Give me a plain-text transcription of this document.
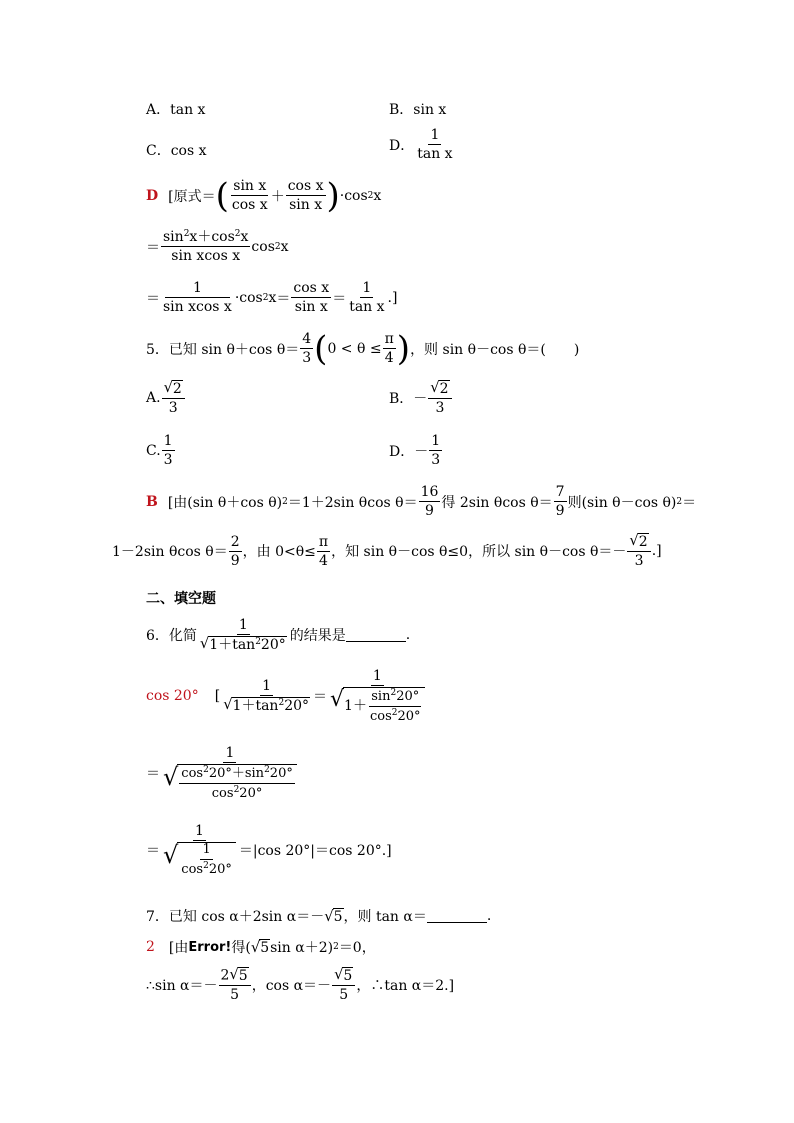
A．tan x	B．sin x
C．cos x	D． $\frac{1}{\text{tan x}}$
D [原式＝ ( $\frac{\text{sin x}}{\text{cos x}} + \frac{\text{cos x}}{\text{sin x}}$ ) ·cos 2 x
＝ $\frac{\sin^2x+\cos^2x}{\text{sin xcos x}}$ cos 2 x
＝ $\frac{1}{\text{sin xcos x}} \cdot\cos$ 2 $x = \frac{\text{cos x}}{\text{sin x}} = \frac{1}{\text{tan x}}$ .]
5．已知 sin θ＋cos $\theta= \frac{4}{3}$ ( $0 < \theta \le \frac{\pi}{4}$ ) ，则 sin θ－cos θ＝(　　)
A. $\frac{√ 2}{3}$	B．－ $\frac{√ 2}{3}$
C. $\frac{1}{3}$	D．－ $\frac{1}{3}$
B [由(sin θ＋cos θ) 2 ＝1＋2sin θcos $\theta= \frac{16}{9}$ 得 2sin θcos $\theta= \frac{7}{9}$ 则(sin θ－cos θ) 2 ＝
1－2sin θcos $\theta= \frac{2}{9}$ ，由 $0<\theta\le \frac{\pi}{4}$ ，知 sin θ－cos θ≤0，所以 sin θ－cos $\theta=- \frac{√ 2}{3}$ .]
二、填空题
6．化简 $\frac{1}{√ 1+\tan^220^\circ}$ 的结果是	.
cos 20° [ $\frac{1}{√ 1+\tan^220^\circ} = \frac{1}{√ 1+ \frac{\sin^220^\circ}{\cos^220^\circ}}$
＝ $\frac{1}{√ \frac{\cos^220^\circ+\sin^220^\circ}{\cos^220^\circ}}$
＝ $\frac{1}{√ \frac{1}{\cos^220^\circ}} =|\cos$ 20°|＝cos 20°.]
7．已知 cos α＋2sin α＝－ √ 5 ，则 tan α＝	.
2 [由 Error! 得( √ 5 sin α＋2) 2 ＝0，
∴sin $\alpha=- \frac{2 √ 5}{5}$ ，$\cos \alpha=- \frac{√ 5}{5}$ ，∴tan α＝2.]
